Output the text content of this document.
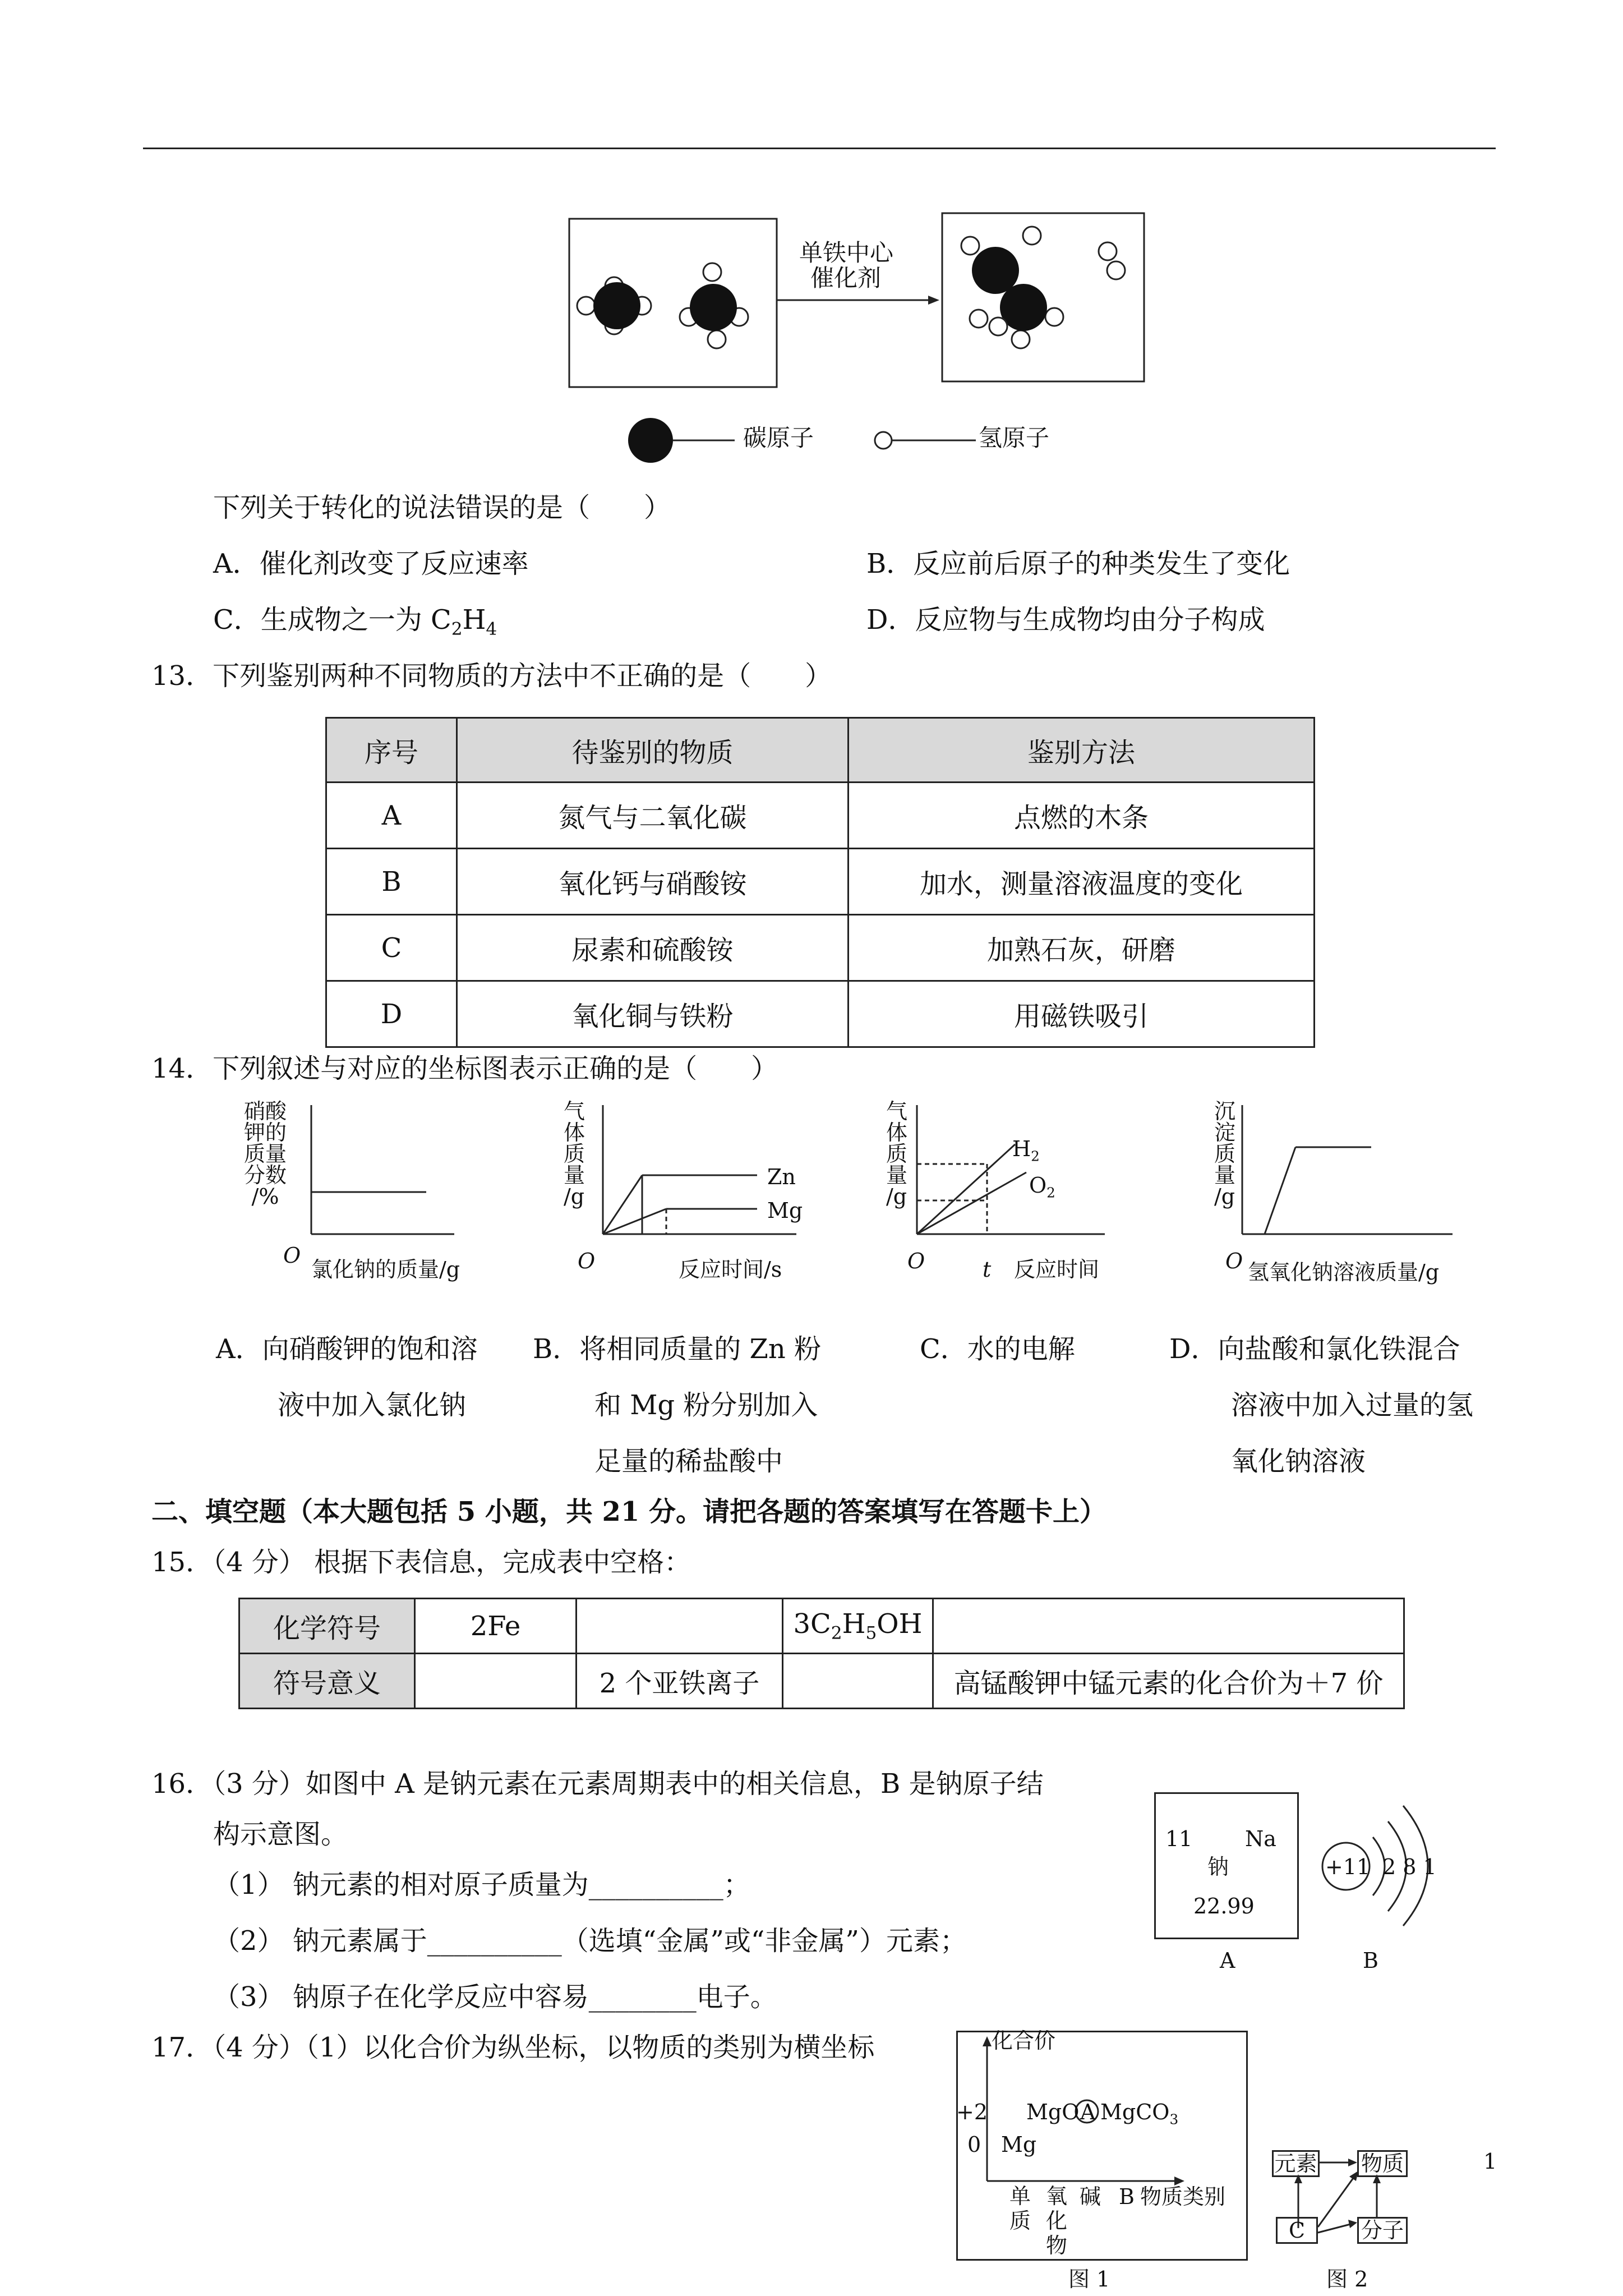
单铁中心
催化剂
碳原子	氢原子
下列关于转化的说法错误的是（　　）
A．催化剂改变了反应速率	B．反应前后原子的种类发生了变化
C．生成物之一为 $C_2H_4$	D．反应物与生成物均由分子构成
13．下列鉴别两种不同物质的方法中不正确的是（　　）
序号	待鉴别的物质	鉴别方法
A	氮气与二氧化碳	点燃的木条
B	氧化钙与硝酸铵	加水，测量溶液温度的变化
C	尿素和硫酸铵	加熟石灰，研磨
D	氧化铜与铁粉	用磁铁吸引
14．下列叙述与对应的坐标图表示正确的是（　　）
硝酸
钾的
质量
分数
/%
O
氯化钠的质量/g
气
体
质
量
/g
Zn
Mg
O	反应时间/s
气
体
质
量
/g
$H_2$
$O_2$
O	t 反应时间
沉
淀
质
量
/g
O 氢氧化钠溶液质量/g
A．向硝酸钾的饱和溶
液中加入氯化钠
B．将相同质量的 Zn 粉
和 Mg 粉分别加入
足量的稀盐酸中
C．水的电解	D．向盐酸和氯化铁混合
溶液中加入过量的氢
氧化钠溶液
二、填空题（本大题包括 5 小题，共 21 分。请把各题的答案填写在答题卡上）
15．（4 分） 根据下表信息，完成表中空格：
化学符号	2Fe		$3C_2H_5OH$	
符号意义		2 个亚铁离子		高锰酸钾中锰元素的化合价为＋7 价
16．（3 分）如图中 A 是钠元素在元素周期表中的相关信息，B 是钠原子结
构示意图。
（1） 钠元素的相对原子质量为__________；
（2） 钠元素属于__________（选填“金属”或“非金属”）元素；
（3） 钠原子在化学反应中容易________电子。
11 Na
钠
22.99
A
+11 2 8 1
B
17．（4 分）（1）以化合价为纵坐标，以物质的类别为横坐标	化合价
+2
0
MgO A MgCO$_3$
Mg
单
质
氧
化
物
碱 B 物质类别
图 1
元素 物质
C	分子
图 2
1
